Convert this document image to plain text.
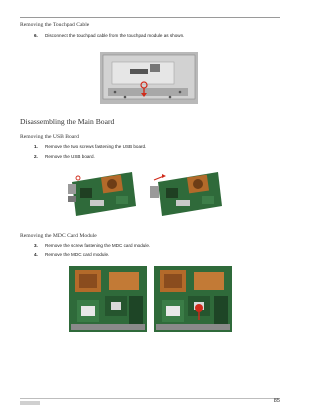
Removing the Touchpad Cable
6. Disconnect the touchpad cable from the touchpad module as shown.
Disassembling the Main Board
Removing the USB Board
1. Remove the two screws fastening the USB board.
2. Remove the USB board.
Removing the MDC Card Module
3. Remove the screw fastening the MDC card module.
4. Remove the MDC card module.
85
